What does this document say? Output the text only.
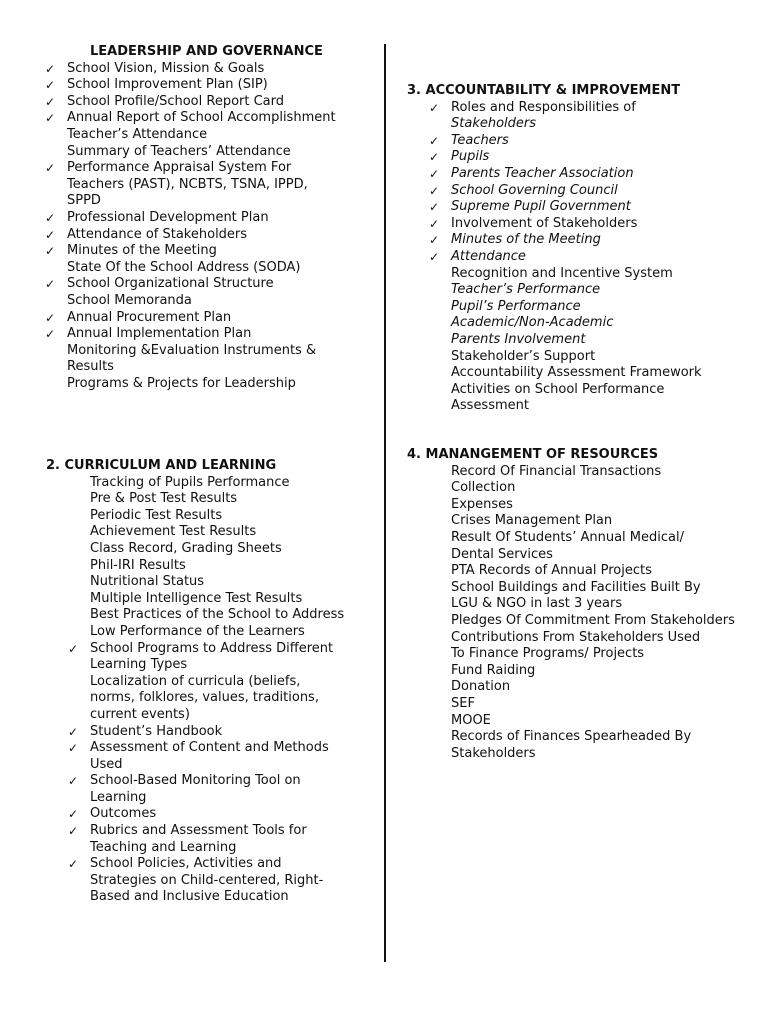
LEADERSHIP AND GOVERNANCE
✓ School Vision, Mission & Goals
✓ School Improvement Plan (SIP)
✓ School Profile/School Report Card
✓ Annual Report of School Accomplishment
Teacher’s Attendance
Summary of Teachers’ Attendance
✓ Performance Appraisal System For
Teachers (PAST), NCBTS, TSNA, IPPD,
SPPD
✓ Professional Development Plan
✓ Attendance of Stakeholders
✓ Minutes of the Meeting
State Of the School Address (SODA)
✓ School Organizational Structure
School Memoranda
✓ Annual Procurement Plan
✓ Annual Implementation Plan
Monitoring &Evaluation Instruments &
Results
Programs & Projects for Leadership
2. CURRICULUM AND LEARNING
Tracking of Pupils Performance
Pre & Post Test Results
Periodic Test Results
Achievement Test Results
Class Record, Grading Sheets
Phil-IRI Results
Nutritional Status
Multiple Intelligence Test Results
Best Practices of the School to Address
Low Performance of the Learners
✓ School Programs to Address Different
Learning Types
Localization of curricula (beliefs,
norms, folklores, values, traditions,
current events)
✓ Student’s Handbook
✓ Assessment of Content and Methods
Used
✓ School-Based Monitoring Tool on
Learning
✓ Outcomes
✓ Rubrics and Assessment Tools for
Teaching and Learning
✓ School Policies, Activities and
Strategies on Child-centered, Right-
Based and Inclusive Education
3. ACCOUNTABILITY & IMPROVEMENT
✓ Roles and Responsibilities of
Stakeholders
✓ Teachers
✓ Pupils
✓ Parents Teacher Association
✓ School Governing Council
✓ Supreme Pupil Government
✓ Involvement of Stakeholders
✓ Minutes of the Meeting
✓ Attendance
Recognition and Incentive System
Teacher’s Performance
Pupil’s Performance
Academic/Non-Academic
Parents Involvement
Stakeholder’s Support
Accountability Assessment Framework
Activities on School Performance
Assessment
4. MANANGEMENT OF RESOURCES
Record Of Financial Transactions
Collection
Expenses
Crises Management Plan
Result Of Students’ Annual Medical/
Dental Services
PTA Records of Annual Projects
School Buildings and Facilities Built By
LGU & NGO in last 3 years
Pledges Of Commitment From Stakeholders
Contributions From Stakeholders Used
To Finance Programs/ Projects
Fund Raiding
Donation
SEF
MOOE
Records of Finances Spearheaded By
Stakeholders
